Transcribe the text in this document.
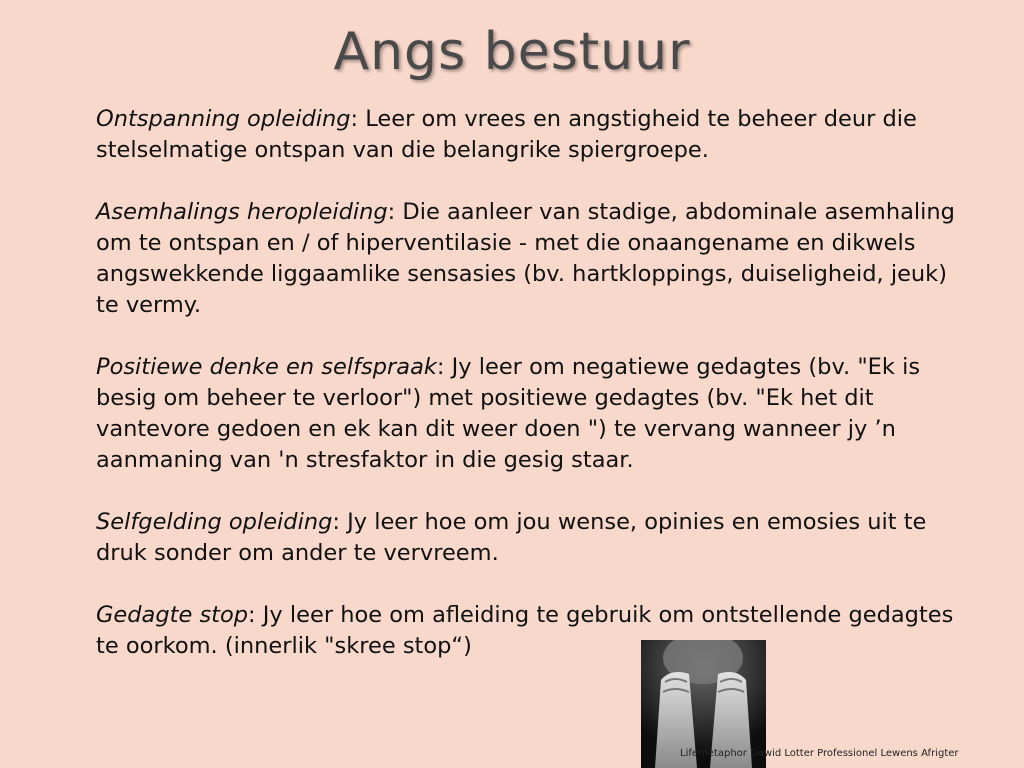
Angs bestuur

Ontspanning opleiding: Leer om vrees en angstigheid te beheer deur die stelselmatige ontspan van die belangrike spiergroepe.

Asemhalings heropleiding: Die aanleer van stadige, abdominale asemhaling om te ontspan en / of hiperventilasie - met die onaangename en dikwels angswekkende liggaamlike sensasies (bv. hartkloppings, duiseligheid, jeuk) te vermy.

Positiewe denke en selfspraak: Jy leer om negatiewe gedagtes (bv. "Ek is besig om beheer te verloor") met positiewe gedagtes (bv. "Ek het dit vantevore gedoen en ek kan dit weer doen ") te vervang wanneer jy ’n aanmaning van 'n stresfaktor in die gesig staar.

Selfgelding opleiding: Jy leer hoe om jou wense, opinies en emosies uit te druk sonder om ander te vervreem.

Gedagte stop: Jy leer hoe om afleiding te gebruik om ontstellende gedagtes te oorkom. (innerlik "skree stop“)

Lifemetaphor Dawid Lotter Professionel Lewens Afrigter
